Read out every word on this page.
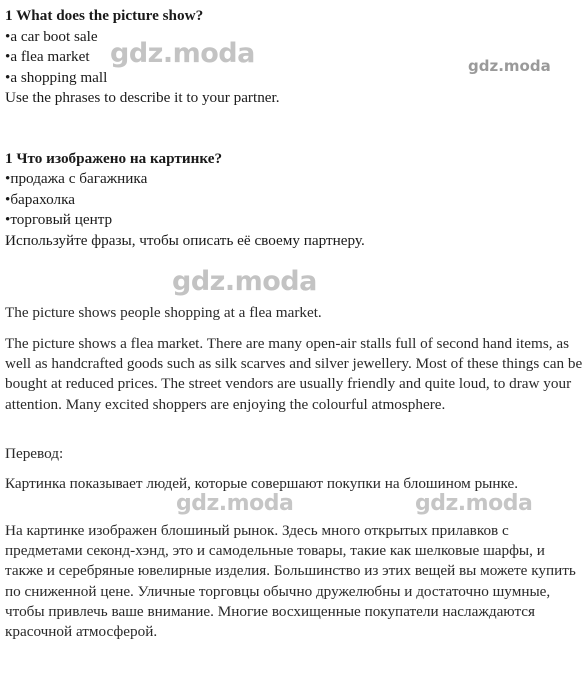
1 What does the picture show?

• a car boot sale
• a flea market
• a shopping mall

Use the phrases to describe it to your partner.

1 Что изображено на картинке?

• продажа с багажника
• барахолка
• торговый центр

Используйте фразы, чтобы описать её своему партнеру.

The picture shows people shopping at a flea market.
The picture shows a flea market. There are many open-air stalls full of second hand items, as well as handcrafted goods such as silk scarves and silver jewellery. Most of these things can be bought at reduced prices. The street vendors are usually friendly and quite loud, to draw your attention. Many excited shoppers are enjoying the colourful atmosphere.
Перевод:
Картинка показывает людей, которые совершают покупки на блошином рынке.
На картинке изображен блошиный рынок. Здесь много открытых прилавков с предметами секонд-хэнд, это и самодельные товары, такие как шелковые шарфы, и также и серебряные ювелирные изделия. Большинство из этих вещей вы можете купить по сниженной цене. Уличные торговцы обычно дружелюбны и достаточно шумные, чтобы привлечь ваше внимание. Многие восхищенные покупатели наслаждаются красочной атмосферой.
gdz.moda	gdz.moda
gdz.moda
gdz.moda	gdz.moda
